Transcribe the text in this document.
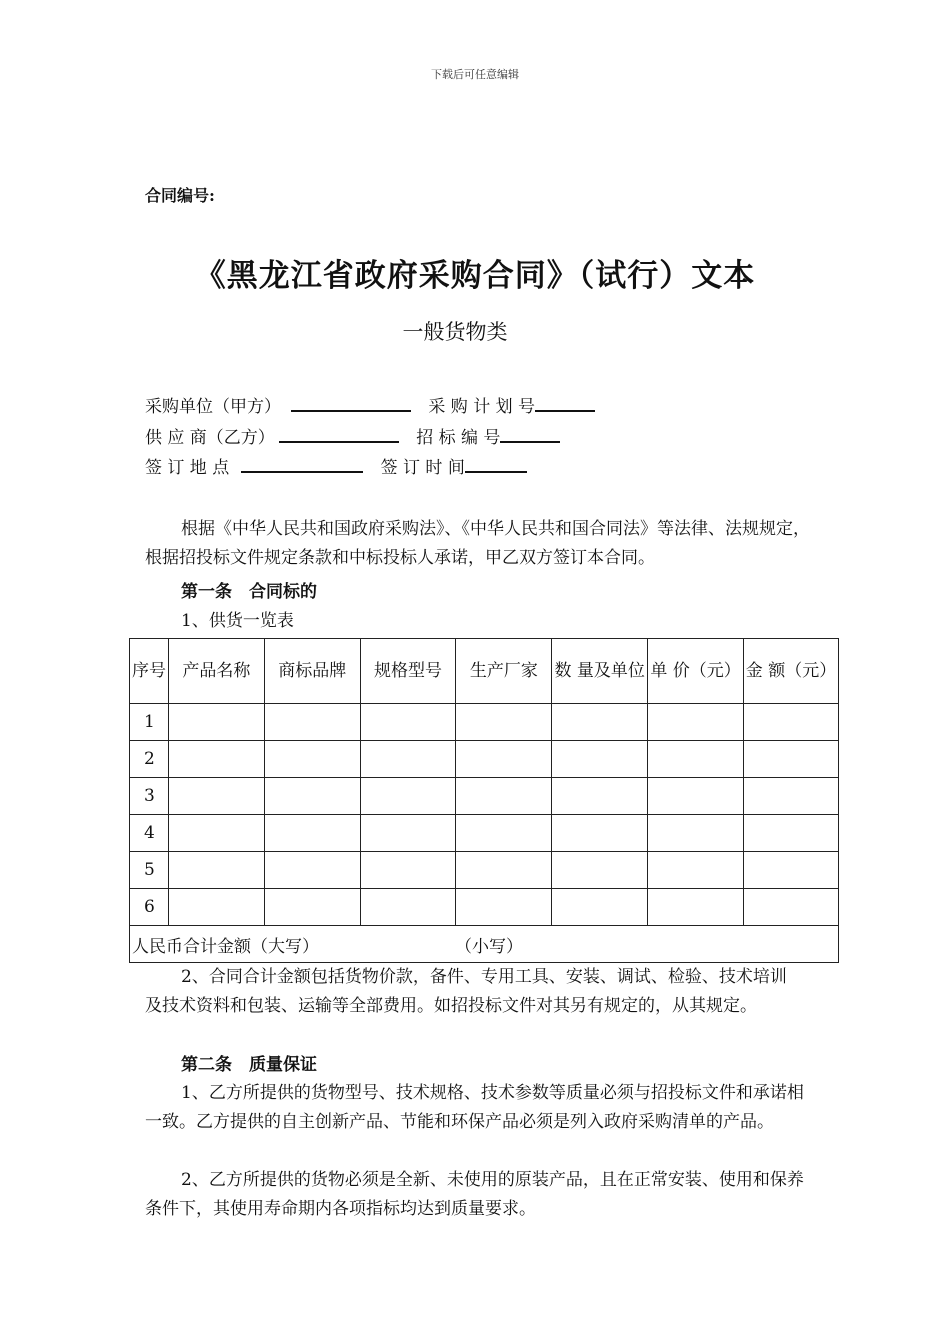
下载后可任意编辑
合同编号:
《黑龙江省政府采购合同》（试行）文本
一般货物类
采购单位（甲方）	采 购 计 划 号
供 应 商（乙方）	招 标 编 号
签 订 地 点	签 订 时 间
根据《中华人民共和国政府采购法》、《中华人民共和国合同法》等法律、法规规定，根据招投标文件规定条款和中标投标人承诺，甲乙双方签订本合同。
第一条　合同标的
1、供货一览表
序号	产品名称	商标品牌	规格型号	生产厂家	数 量及单位	单 价（元）	金 额（元）
1							
2							
3							
4							
5							
6							
人民币合计金额（大写） （小写）							
2、合同合计金额包括货物价款，备件、专用工具、安装、调试、检验、技术培训及技术资料和包装、运输等全部费用。如招投标文件对其另有规定的，从其规定。
第二条　质量保证
1、乙方所提供的货物型号、技术规格、技术参数等质量必须与招投标文件和承诺相一致。乙方提供的自主创新产品、节能和环保产品必须是列入政府采购清单的产品。
2、乙方所提供的货物必须是全新、未使用的原装产品，且在正常安装、使用和保养条件下，其使用寿命期内各项指标均达到质量要求。
